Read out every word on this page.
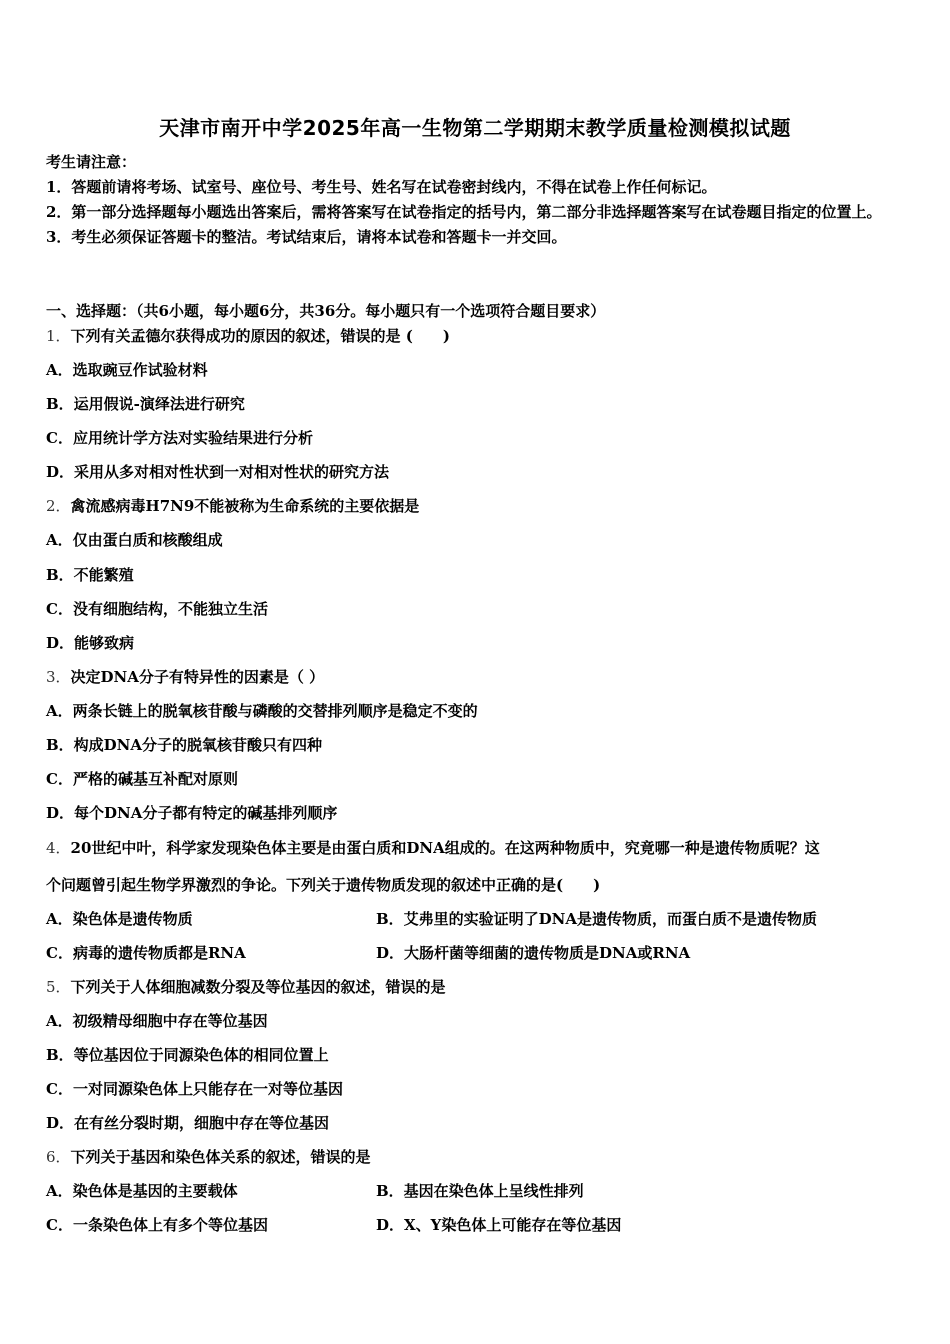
天津市南开中学2025年高一生物第二学期期末教学质量检测模拟试题
考生请注意：
1．答题前请将考场、试室号、座位号、考生号、姓名写在试卷密封线内，不得在试卷上作任何标记。
2．第一部分选择题每小题选出答案后，需将答案写在试卷指定的括号内，第二部分非选择题答案写在试卷题目指定的位置上。
3．考生必须保证答题卡的整洁。考试结束后，请将本试卷和答题卡一并交回。
一、选择题：（共6小题，每小题6分，共36分。每小题只有一个选项符合题目要求）
1．下列有关孟德尔获得成功的原因的叙述，错误的是 (　　)
A．选取豌豆作试验材料
B．运用假说-演绎法进行研究
C．应用统计学方法对实验结果进行分析
D．采用从多对相对性状到一对相对性状的研究方法
2．禽流感病毒H7N9不能被称为生命系统的主要依据是
A．仅由蛋白质和核酸组成
B．不能繁殖
C．没有细胞结构，不能独立生活
D．能够致病
3．决定DNA分子有特异性的因素是（ ）
A．两条长链上的脱氧核苷酸与磷酸的交替排列顺序是稳定不变的
B．构成DNA分子的脱氧核苷酸只有四种
C．严格的碱基互补配对原则
D．每个DNA分子都有特定的碱基排列顺序
4．20世纪中叶，科学家发现染色体主要是由蛋白质和DNA组成的。在这两种物质中，究竟哪一种是遗传物质呢？这
个问题曾引起生物学界激烈的争论。下列关于遗传物质发现的叙述中正确的是(　　)
A．染色体是遗传物质	B．艾弗里的实验证明了DNA是遗传物质，而蛋白质不是遗传物质
C．病毒的遗传物质都是RNA	D．大肠杆菌等细菌的遗传物质是DNA或RNA
5．下列关于人体细胞减数分裂及等位基因的叙述，错误的是
A．初级精母细胞中存在等位基因
B．等位基因位于同源染色体的相同位置上
C．一对同源染色体上只能存在一对等位基因
D．在有丝分裂时期，细胞中存在等位基因
6．下列关于基因和染色体关系的叙述，错误的是
A．染色体是基因的主要载体	B．基因在染色体上呈线性排列
C．一条染色体上有多个等位基因	D．X、Y染色体上可能存在等位基因
